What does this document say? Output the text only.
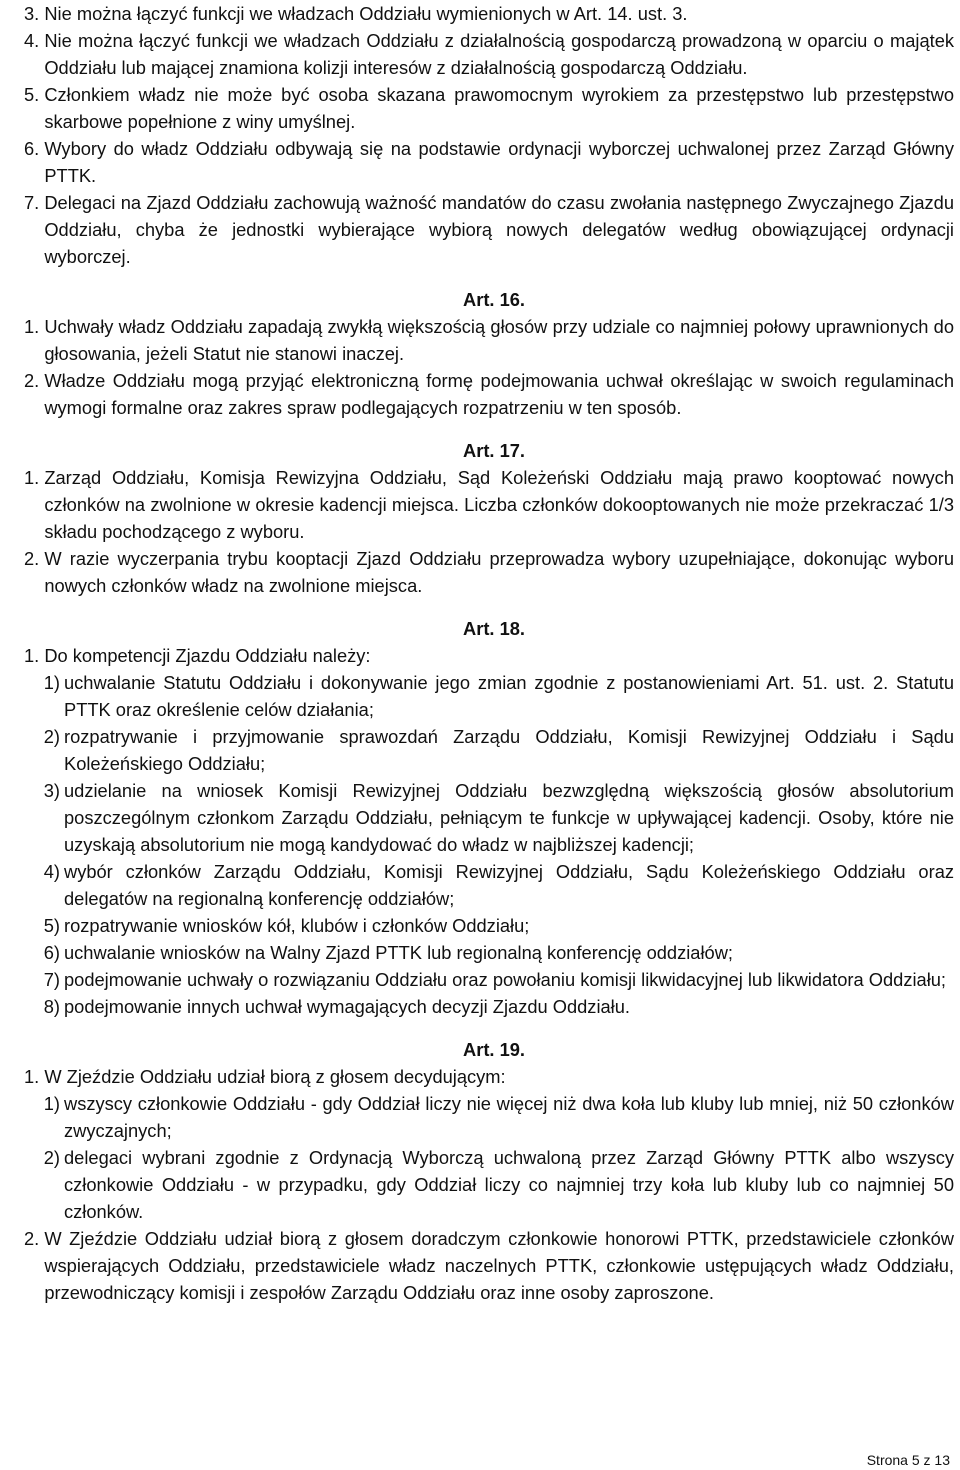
3. Nie można łączyć funkcji we władzach Oddziału wymienionych w Art. 14. ust. 3.
4. Nie można łączyć funkcji we władzach Oddziału z działalnością gospodarczą prowadzoną w oparciu o majątek Oddziału lub mającej znamiona kolizji interesów z działalnością gospodarczą Oddziału.
5. Członkiem władz nie może być osoba skazana prawomocnym wyrokiem za przestępstwo lub przestępstwo skarbowe popełnione z winy umyślnej.
6. Wybory do władz Oddziału odbywają się na podstawie ordynacji wyborczej uchwalonej przez Zarząd Główny PTTK.
7. Delegaci na Zjazd Oddziału zachowują ważność mandatów do czasu zwołania następnego Zwyczajnego Zjazdu Oddziału, chyba że jednostki wybierające wybiorą nowych delegatów według obowiązującej ordynacji wyborczej.
Art. 16.
1. Uchwały władz Oddziału zapadają zwykłą większością głosów przy udziale co najmniej połowy uprawnionych do głosowania, jeżeli Statut nie stanowi inaczej.
2. Władze Oddziału mogą przyjąć elektroniczną formę podejmowania uchwał określając w swoich regulaminach wymogi formalne oraz zakres spraw podlegających rozpatrzeniu w ten sposób.
Art. 17.
1. Zarząd Oddziału, Komisja Rewizyjna Oddziału, Sąd Koleżeński Oddziału mają prawo kooptować nowych członków na zwolnione w okresie kadencji miejsca. Liczba członków dokooptowanych nie może przekraczać 1/3 składu pochodzącego z wyboru.
2. W razie wyczerpania trybu kooptacji Zjazd Oddziału przeprowadza wybory uzupełniające, dokonując wyboru nowych członków władz na zwolnione miejsca.
Art. 18.
1. Do kompetencji Zjazdu Oddziału należy:
1) uchwalanie Statutu Oddziału i dokonywanie jego zmian zgodnie z postanowieniami Art. 51. ust. 2. Statutu PTTK oraz określenie celów działania;
2) rozpatrywanie i przyjmowanie sprawozdań Zarządu Oddziału, Komisji Rewizyjnej Oddziału i Sądu Koleżeńskiego Oddziału;
3) udzielanie na wniosek Komisji Rewizyjnej Oddziału bezwzględną większością głosów absolutorium poszczególnym członkom Zarządu Oddziału, pełniącym te funkcje w upływającej kadencji. Osoby, które nie uzyskają absolutorium nie mogą kandydować do władz w najbliższej kadencji;
4) wybór członków Zarządu Oddziału, Komisji Rewizyjnej Oddziału, Sądu Koleżeńskiego Oddziału oraz delegatów na regionalną konferencję oddziałów;
5) rozpatrywanie wniosków kół, klubów i członków Oddziału;
6) uchwalanie wniosków na Walny Zjazd PTTK lub regionalną konferencję oddziałów;
7) podejmowanie uchwały o rozwiązaniu Oddziału oraz powołaniu komisji likwidacyjnej lub likwidatora Oddziału;
8) podejmowanie innych uchwał wymagających decyzji Zjazdu Oddziału.
Art. 19.
1. W Zjeździe Oddziału udział biorą z głosem decydującym:
1) wszyscy członkowie Oddziału - gdy Oddział liczy nie więcej niż dwa koła lub kluby lub mniej, niż 50 członków zwyczajnych;
2) delegaci wybrani zgodnie z Ordynacją Wyborczą uchwaloną przez Zarząd Główny PTTK albo wszyscy członkowie Oddziału - w przypadku, gdy Oddział liczy co najmniej trzy koła lub kluby lub co najmniej 50 członków.
2. W Zjeździe Oddziału udział biorą z głosem doradczym członkowie honorowi PTTK, przedstawiciele członków wspierających Oddziału, przedstawiciele władz naczelnych PTTK, członkowie ustępujących władz Oddziału, przewodniczący komisji i zespołów Zarządu Oddziału oraz inne osoby zaproszone.
Strona 5 z 13
